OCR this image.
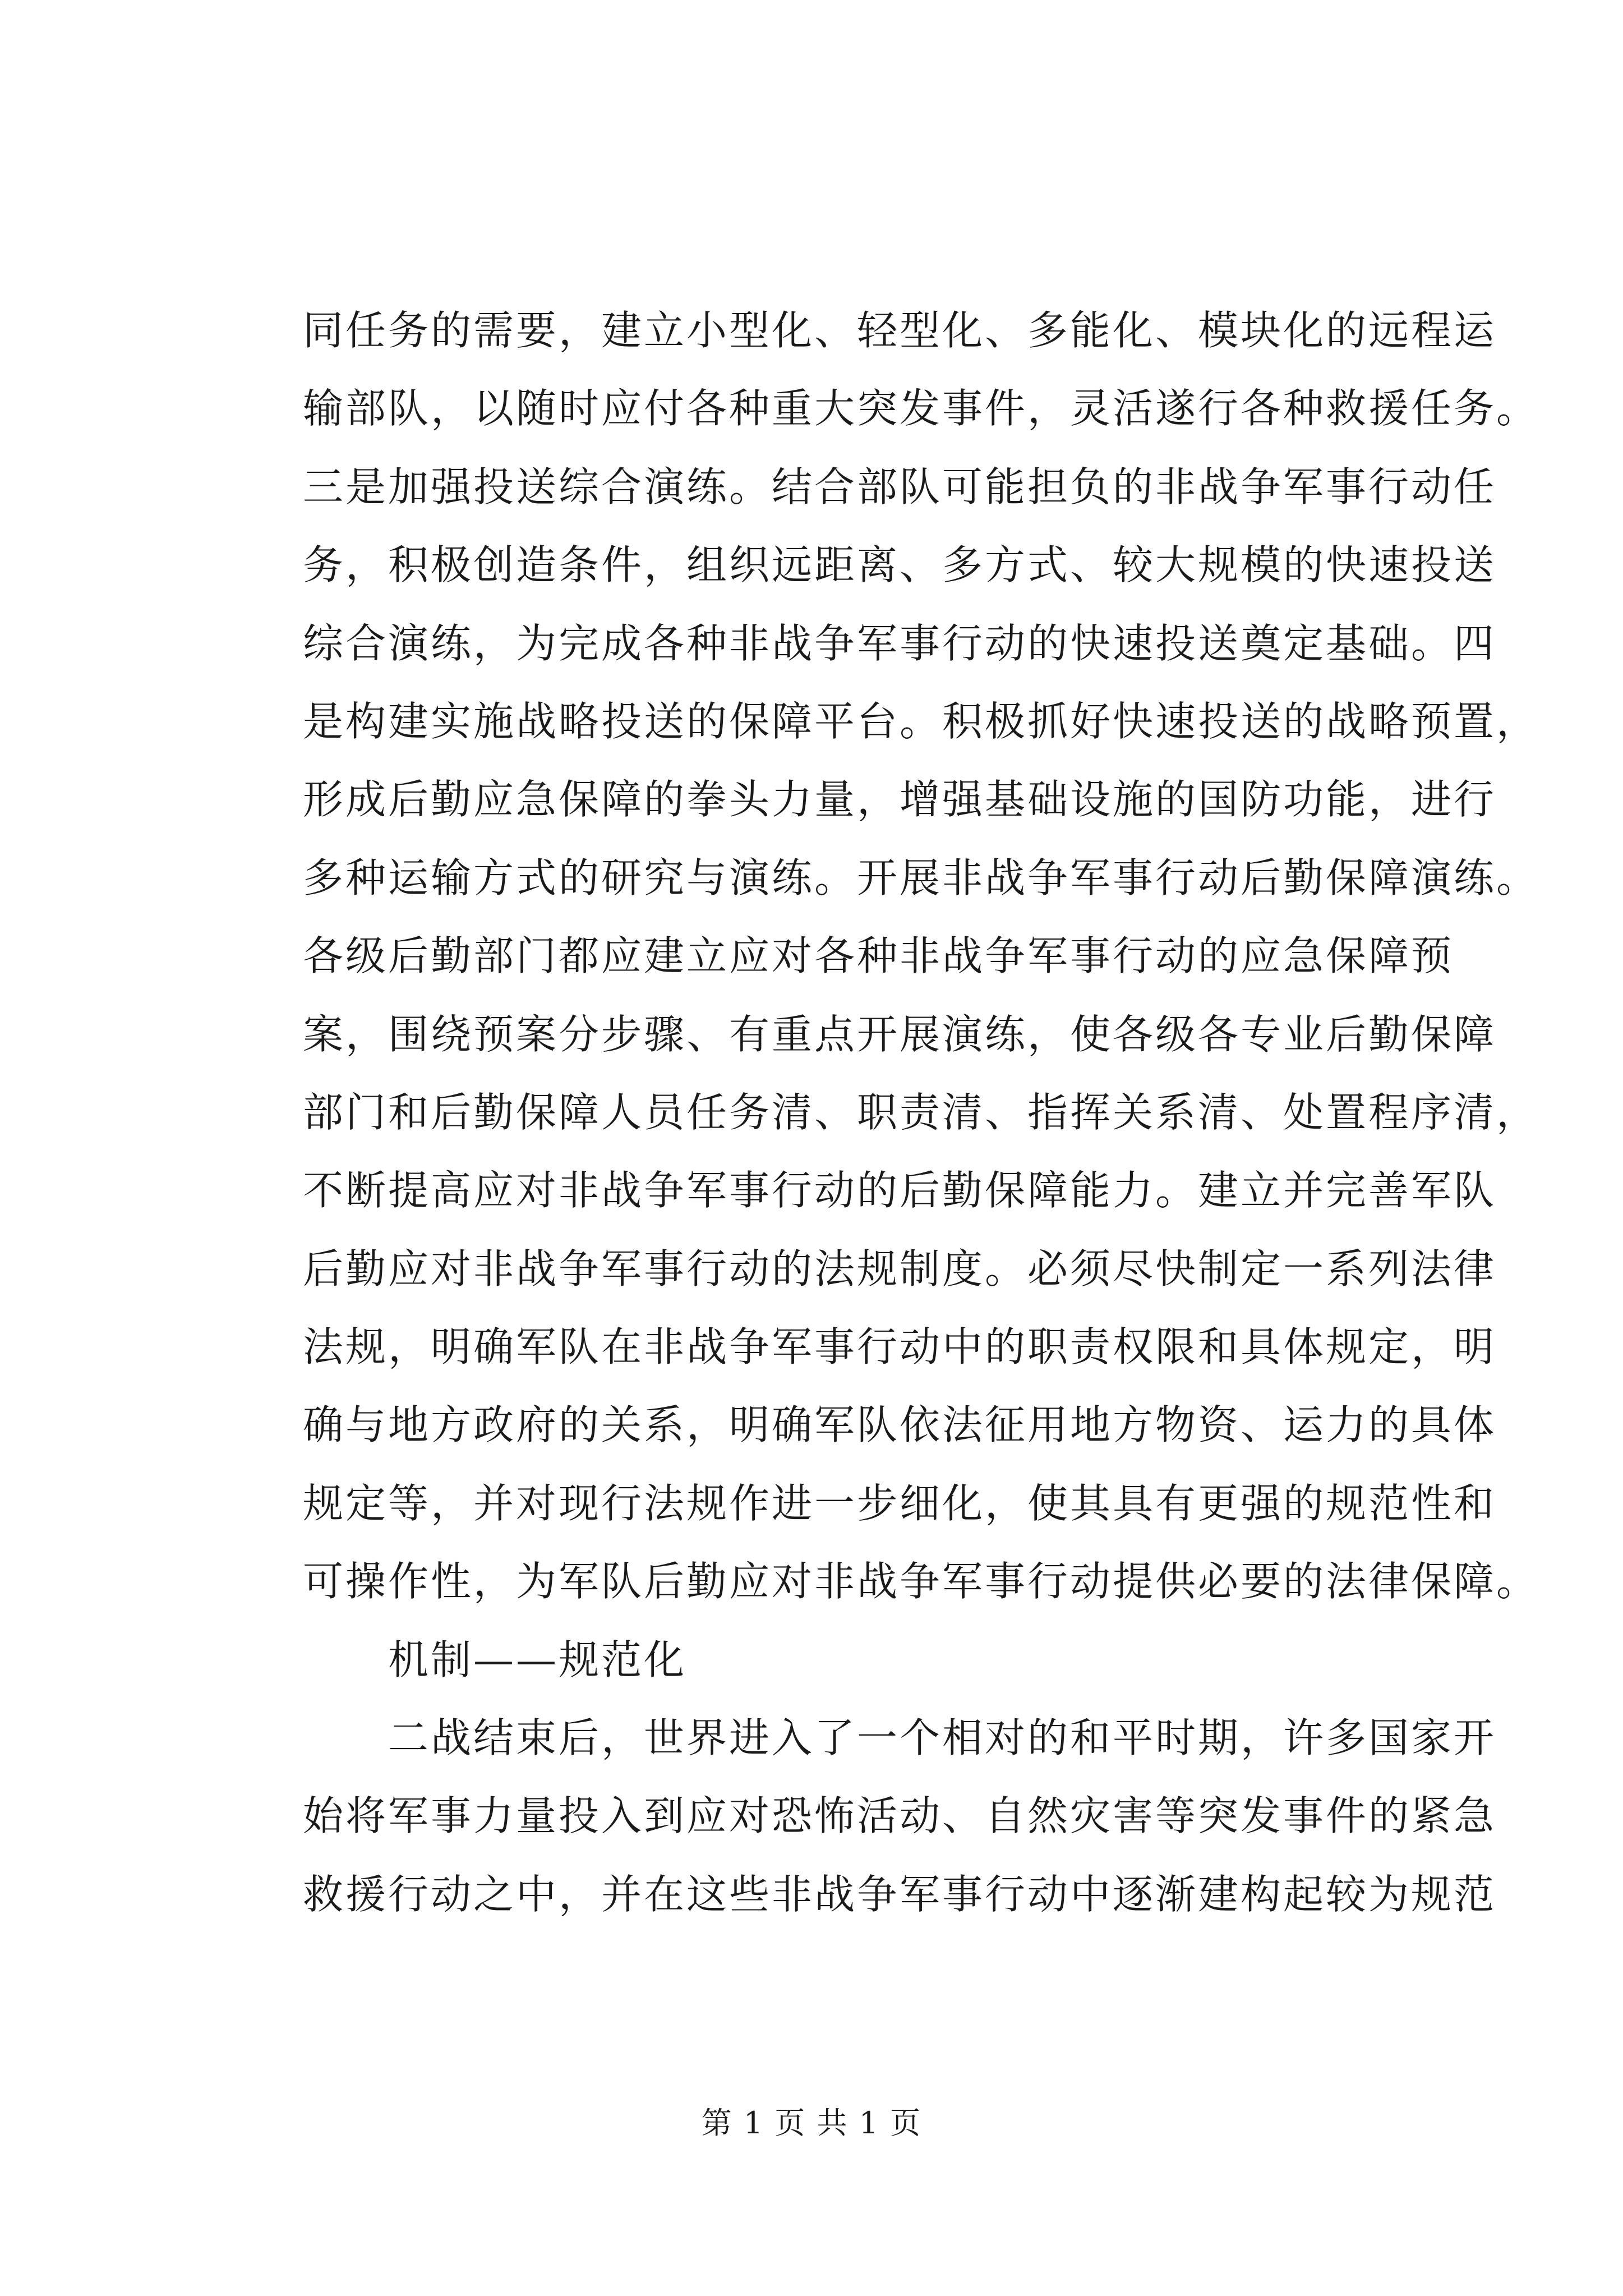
同任务的需要，建立小型化、轻型化、多能化、模块化的远程运
输部队，以随时应付各种重大突发事件，灵活遂行各种救援任务。
三是加强投送综合演练。结合部队可能担负的非战争军事行动任
务，积极创造条件，组织远距离、多方式、较大规模的快速投送
综合演练，为完成各种非战争军事行动的快速投送奠定基础。四
是构建实施战略投送的保障平台。积极抓好快速投送的战略预置，
形成后勤应急保障的拳头力量，增强基础设施的国防功能，进行
多种运输方式的研究与演练。开展非战争军事行动后勤保障演练。
各级后勤部门都应建立应对各种非战争军事行动的应急保障预
案，围绕预案分步骤、有重点开展演练，使各级各专业后勤保障
部门和后勤保障人员任务清、职责清、指挥关系清、处置程序清，
不断提高应对非战争军事行动的后勤保障能力。建立并完善军队
后勤应对非战争军事行动的法规制度。必须尽快制定一系列法律
法规，明确军队在非战争军事行动中的职责权限和具体规定，明
确与地方政府的关系，明确军队依法征用地方物资、运力的具体
规定等，并对现行法规作进一步细化，使其具有更强的规范性和
可操作性，为军队后勤应对非战争军事行动提供必要的法律保障。
机制——规范化
二战结束后，世界进入了一个相对的和平时期，许多国家开
始将军事力量投入到应对恐怖活动、自然灾害等突发事件的紧急
救援行动之中，并在这些非战争军事行动中逐渐建构起较为规范
第 1 页 共 1 页
